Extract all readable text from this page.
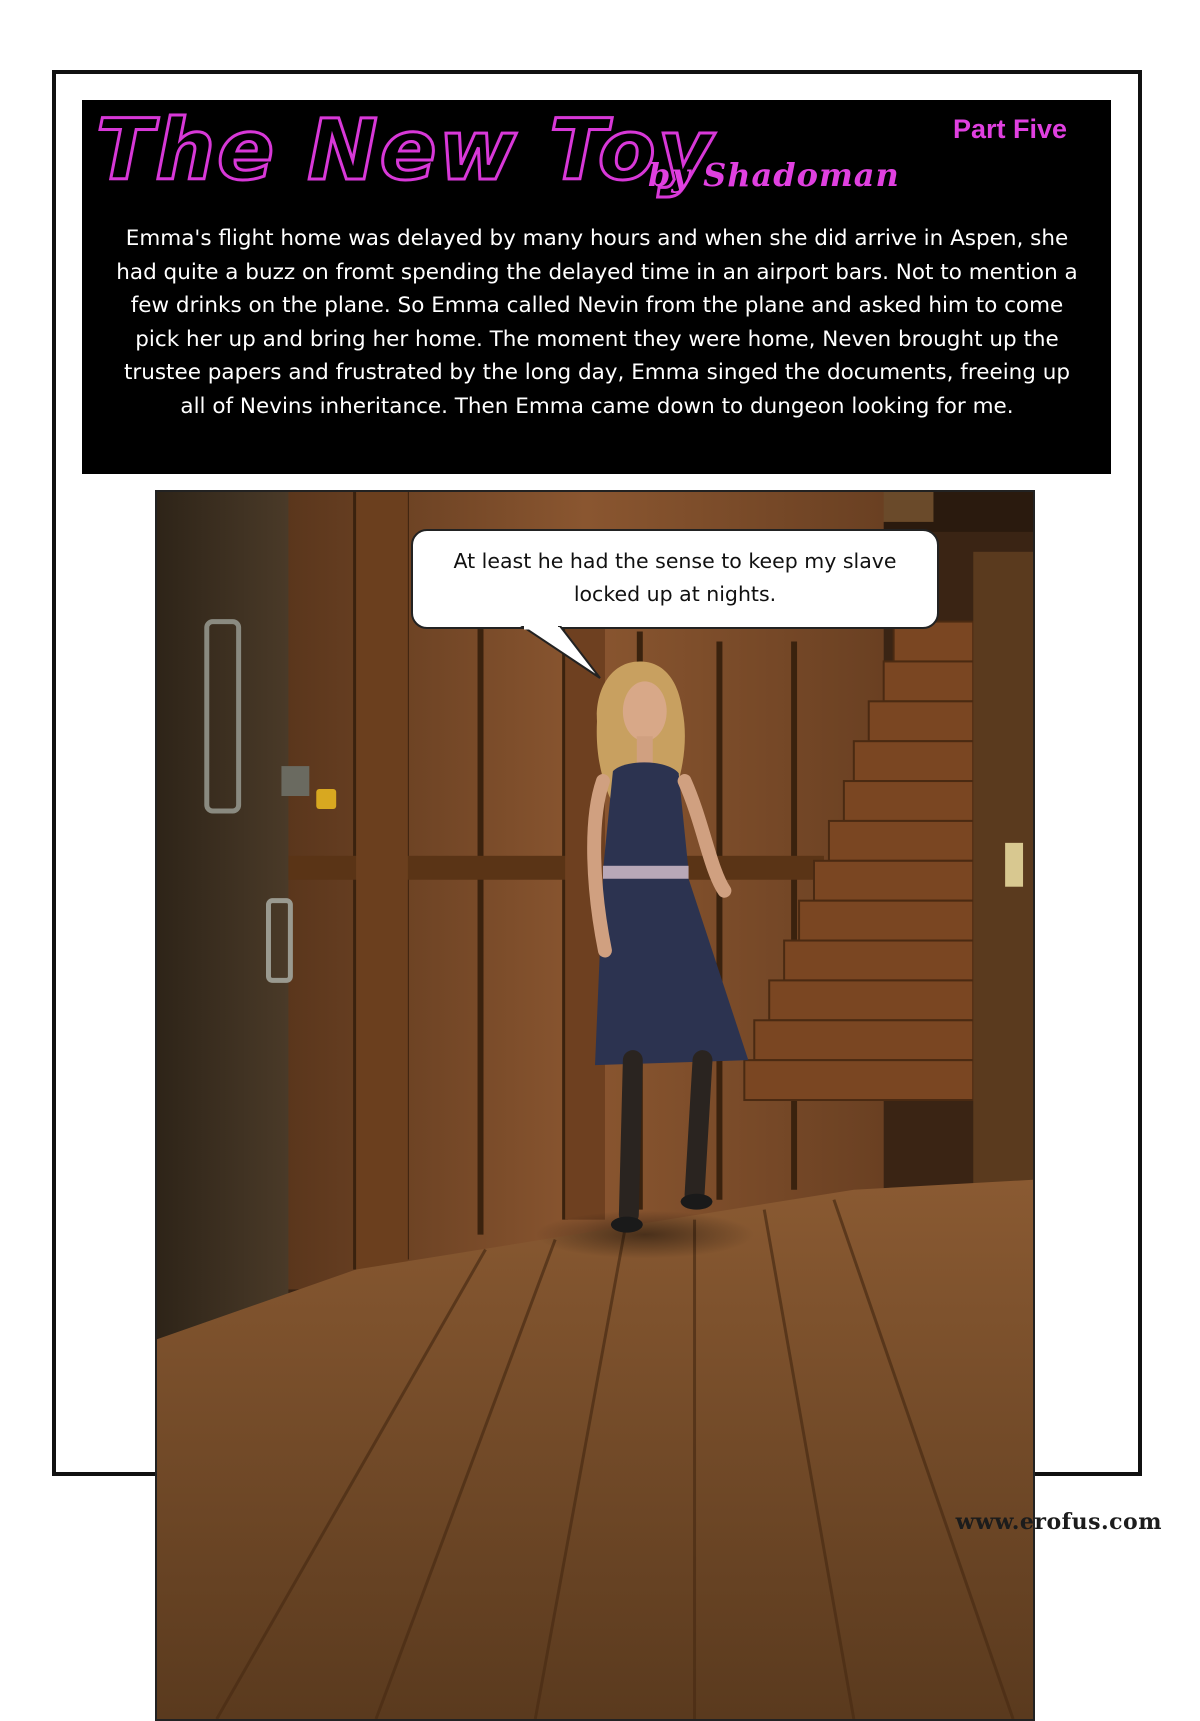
The New Toy
by Shadoman
Part Five

Emma's flight home was delayed by many hours and when she did arrive in Aspen, she
had quite a buzz on fromt spending the delayed time in an airport bars. Not to mention a
few drinks on the plane. So Emma called Nevin from the plane and asked him to come
pick her up and bring her home. The moment they were home, Neven brought up the
trustee papers and frustrated by the long day, Emma singed the documents, freeing up
all of Nevins inheritance. Then Emma came down to dungeon looking for me.

At least he had the sense to keep my slave
locked up at nights.

www.erofus.com
